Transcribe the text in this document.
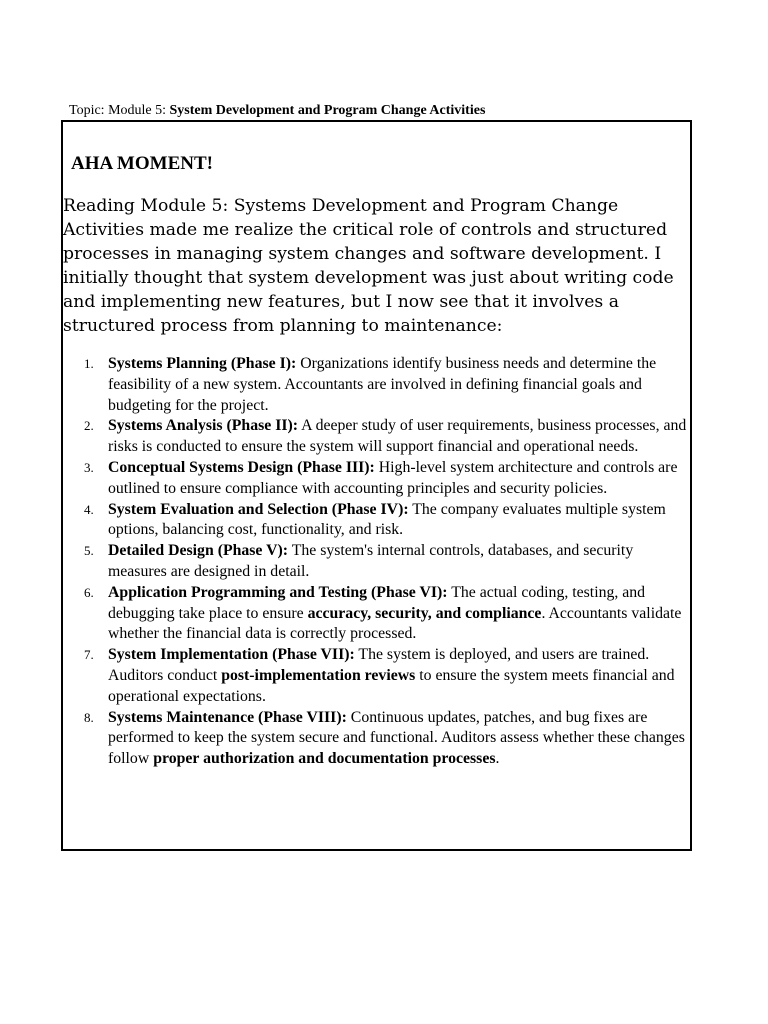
Topic: Module 5: System Development and Program Change Activities
AHA MOMENT!

Reading Module 5: Systems Development and Program Change Activities made me realize the critical role of controls and structured processes in managing system changes and software development. I initially thought that system development was just about writing code and implementing new features, but I now see that it involves a structured process from planning to maintenance:

1. Systems Planning (Phase I): Organizations identify business needs and determine the feasibility of a new system. Accountants are involved in defining financial goals and budgeting for the project.
2. Systems Analysis (Phase II): A deeper study of user requirements, business processes, and risks is conducted to ensure the system will support financial and operational needs.
3. Conceptual Systems Design (Phase III): High-level system architecture and controls are outlined to ensure compliance with accounting principles and security policies.
4. System Evaluation and Selection (Phase IV): The company evaluates multiple system options, balancing cost, functionality, and risk.
5. Detailed Design (Phase V): The system's internal controls, databases, and security measures are designed in detail.
6. Application Programming and Testing (Phase VI): The actual coding, testing, and debugging take place to ensure accuracy, security, and compliance. Accountants validate whether the financial data is correctly processed.
7. System Implementation (Phase VII): The system is deployed, and users are trained. Auditors conduct post-implementation reviews to ensure the system meets financial and operational expectations.
8. Systems Maintenance (Phase VIII): Continuous updates, patches, and bug fixes are performed to keep the system secure and functional. Auditors assess whether these changes follow proper authorization and documentation processes.
